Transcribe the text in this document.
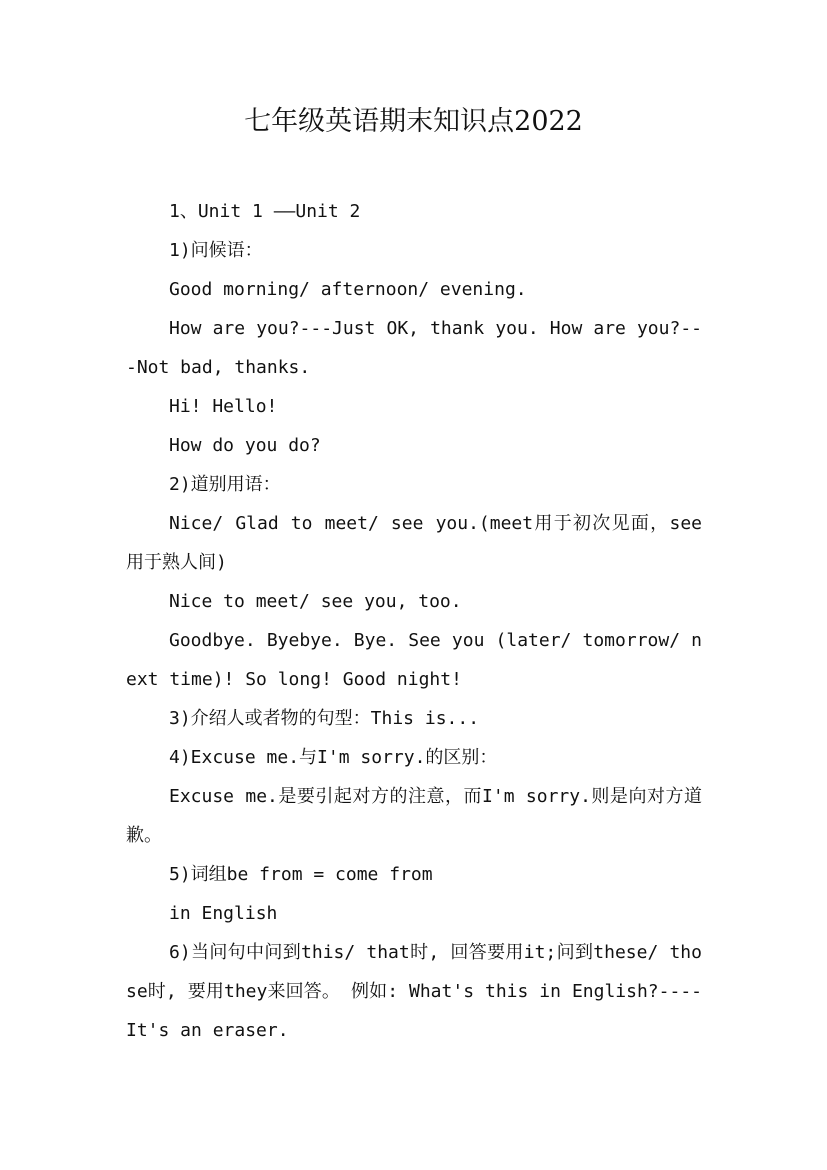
七年级英语期末知识点2022

1、Unit 1 ——Unit 2

1)问候语：

Good morning/ afternoon/ evening.

How are you?---Just OK, thank you. How are you?---Not bad, thanks.

Hi! Hello!

How do you do?

2)道别用语：

Nice/ Glad to meet/ see you.(meet用于初次见面，see用于熟人间)

Nice to meet/ see you, too.

Goodbye. Byebye. Bye. See you (later/ tomorrow/ next time)! So long! Good night!

3)介绍人或者物的句型：This is...

4)Excuse me.与I'm sorry.的区别：

Excuse me.是要引起对方的注意，而I'm sorry.则是向对方道歉。

5)词组be from = come from

in English

6)当问句中问到this/ that时, 回答要用it;问到these/ those时, 要用they来回答。 例如: What's this in English?----It's an eraser.
